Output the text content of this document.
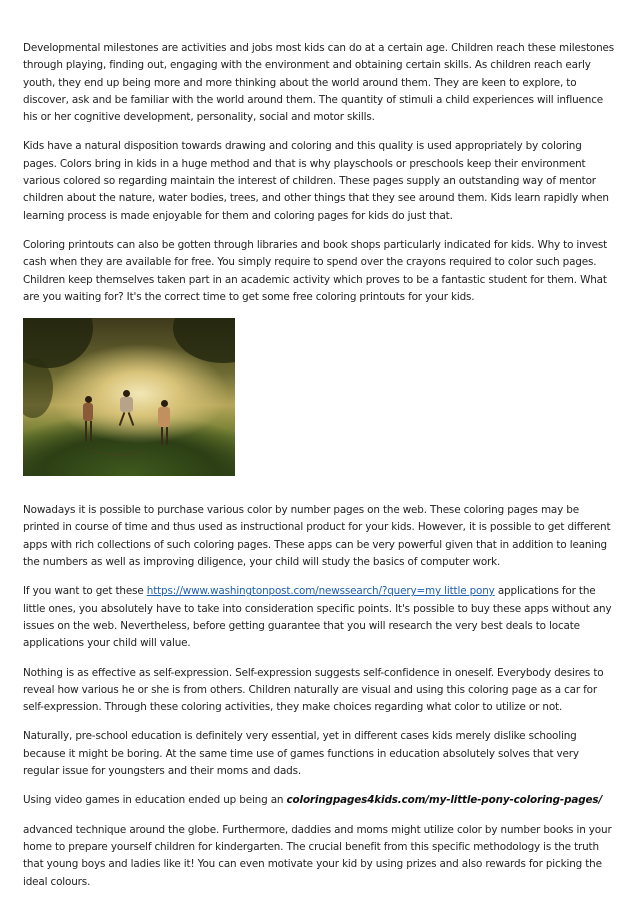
Developmental milestones are activities and jobs most kids can do at a certain age. Children reach these milestones through playing, finding out, engaging with the environment and obtaining certain skills. As children reach early youth, they end up being more and more thinking about the world around them. They are keen to explore, to discover, ask and be familiar with the world around them. The quantity of stimuli a child experiences will influence his or her cognitive development, personality, social and motor skills.

Kids have a natural disposition towards drawing and coloring and this quality is used appropriately by coloring pages. Colors bring in kids in a huge method and that is why playschools or preschools keep their environment various colored so regarding maintain the interest of children. These pages supply an outstanding way of mentor children about the nature, water bodies, trees, and other things that they see around them. Kids learn rapidly when learning process is made enjoyable for them and coloring pages for kids do just that.

Coloring printouts can also be gotten through libraries and book shops particularly indicated for kids. Why to invest cash when they are available for free. You simply require to spend over the crayons required to color such pages. Children keep themselves taken part in an academic activity which proves to be a fantastic student for them. What are you waiting for? It's the correct time to get some free coloring printouts for your kids.

Nowadays it is possible to purchase various color by number pages on the web. These coloring pages may be printed in course of time and thus used as instructional product for your kids. However, it is possible to get different apps with rich collections of such coloring pages. These apps can be very powerful given that in addition to leaning the numbers as well as improving diligence, your child will study the basics of computer work.

If you want to get these https://www.washingtonpost.com/newssearch/?query=my little pony applications for the little ones, you absolutely have to take into consideration specific points. It's possible to buy these apps without any issues on the web. Nevertheless, before getting guarantee that you will research the very best deals to locate applications your child will value.

Nothing is as effective as self-expression. Self-expression suggests self-confidence in oneself. Everybody desires to reveal how various he or she is from others. Children naturally are visual and using this coloring page as a car for self-expression. Through these coloring activities, they make choices regarding what color to utilize or not.

Naturally, pre-school education is definitely very essential, yet in different cases kids merely dislike schooling because it might be boring. At the same time use of games functions in education absolutely solves that very regular issue for youngsters and their moms and dads.

Using video games in education ended up being an coloringpages4kids.com/my-little-pony-coloring-pages/

advanced technique around the globe. Furthermore, daddies and moms might utilize color by number books in your home to prepare yourself children for kindergarten. The crucial benefit from this specific methodology is the truth that young boys and ladies like it! You can even motivate your kid by using prizes and also rewards for picking the ideal colours.
